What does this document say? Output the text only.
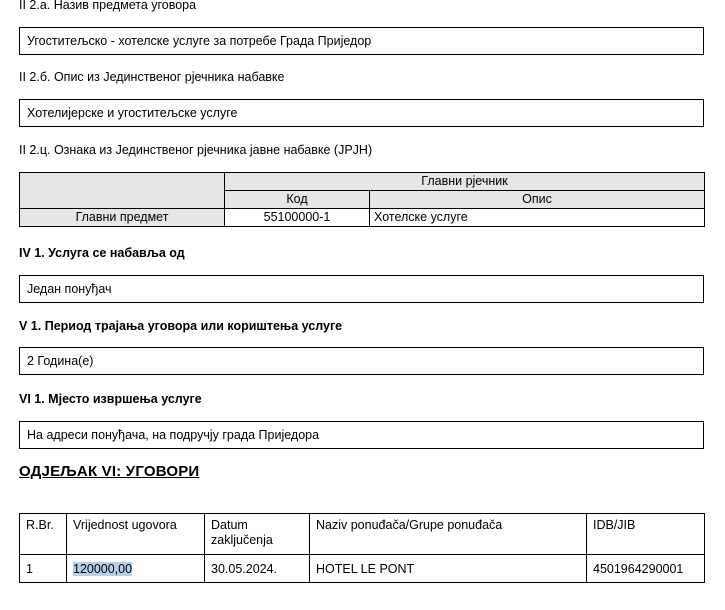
II 2.а. Назив предмета уговора
Угоститељско - хотелске услуге за потребе Града Приједор
II 2.б. Опис из Јединственог рјечника набавке
Хотелијерске и угоститељске услуге
II 2.ц. Ознака из Јединственог рјечника јавне набавке (ЈРЈН)
	Главни рјечник	
	Код	Опис
Главни предмет	55100000-1	Хотелске услуге
IV 1. Услуга се набавља од
Један понуђач
V 1. Период трајања уговора или кориштења услуге
2 Година(е)
VI 1. Мјесто извршења услуге
На адреси понуђача, на подручју града Приједора
ОДЈЕЉАК VI: УГОВОРИ
R.Br.	Vrijednost ugovora	Datum zaključenja	Naziv ponuđača/Grupe ponuđača	IDB/JIB
1	120000,00	30.05.2024.	HOTEL LE PONT	4501964290001
